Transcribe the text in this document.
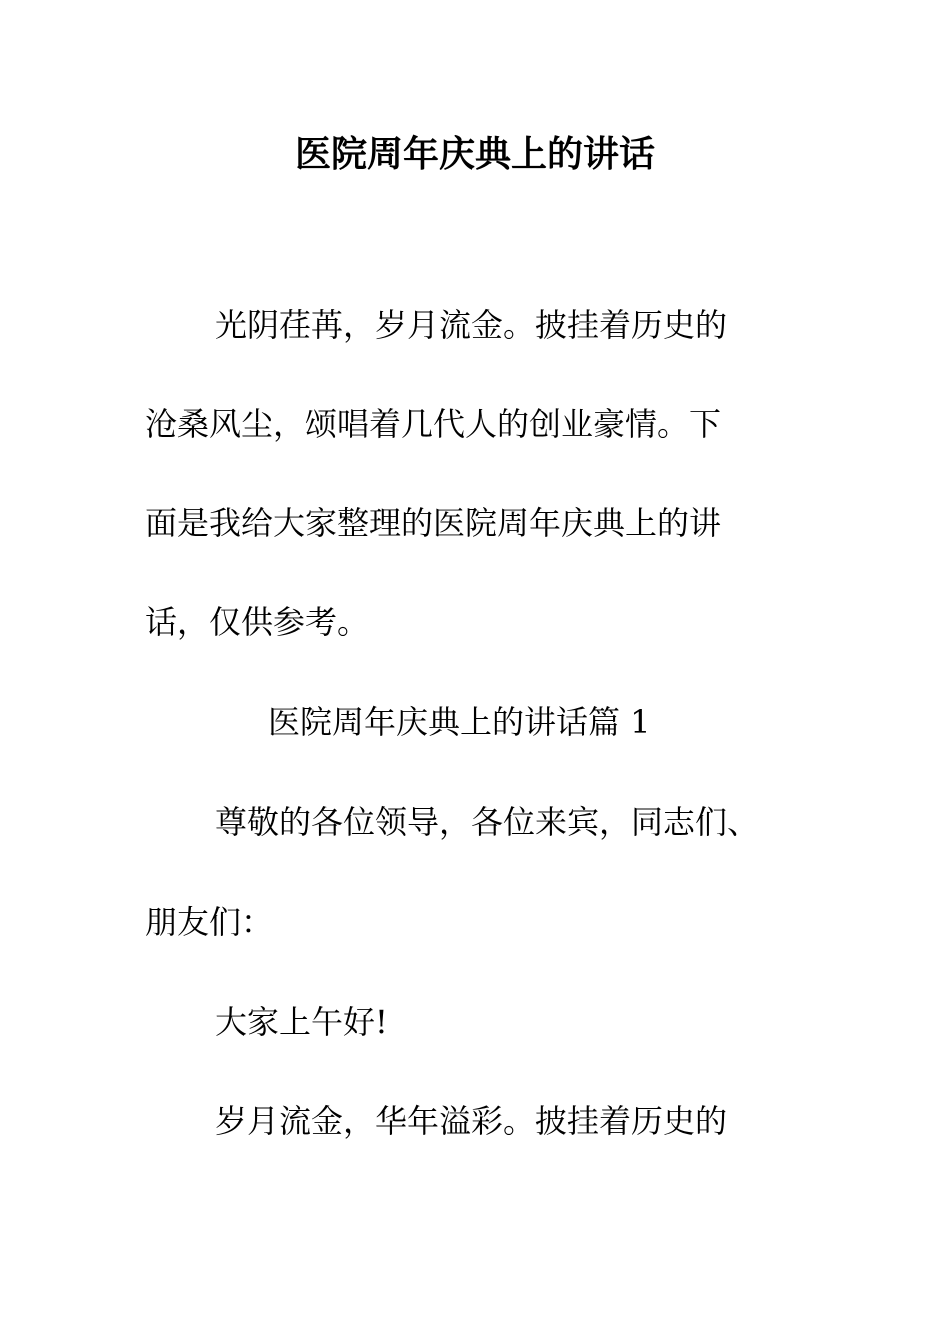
医院周年庆典上的讲话
光阴荏苒，岁月流金。披挂着历史的
沧桑风尘，颂唱着几代人的创业豪情。下
面是我给大家整理的医院周年庆典上的讲
话，仅供参考。
医院周年庆典上的讲话篇 1
尊敬的各位领导，各位来宾，同志们、
朋友们：
大家上午好!
岁月流金，华年溢彩。披挂着历史的
